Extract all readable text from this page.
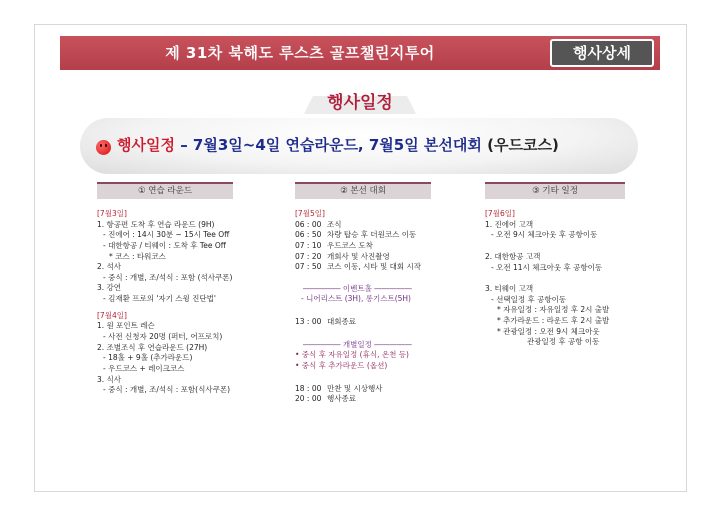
제 31차 북해도 루스츠 골프챌린지투어	행사상세
행사일정
행사일정 – 7월3일~4일 연습라운드, 7월5일 본선대회 (우드코스)
① 연습 라운드
[7월3일]
1. 항공편 도착 후 연습 라운드 (9H)
- 진에어 : 14시 30분 ~ 15시 Tee Off
- 대한항공 / 티웨이 : 도착 후 Tee Off
* 코스 : 타워코스
2. 석사
- 중식 : 개별, 조/석식 : 포함 (석사쿠폰)
3. 강연
- 김재환 프로의 '자기 스윙 진단법'
[7월4일]
1. 원 포인트 레슨
- 사전 신청자 20명 (퍼터, 어프로치)
2. 조별조식 후 연습라운드 (27H)
- 18홀 + 9홀 (추가라운드)
- 우드코스 + 레이크코스
3. 식사
- 중식 : 개별, 조/석식 : 포함(식사쿠폰)
② 본선 대회
[7월5일]
06 : 00 조식
06 : 50 차량 탑승 후 더원코스 이동
07 : 10 우드코스 도착
07 : 20 개회사 및 사진촬영
07 : 50 코스 이동, 시타 및 대회 시작
――――― 이벤트홀 ―――――
- 니어리스트 (3H), 롱기스트(5H)
13 : 00 대회종료
――――― 개별일정 ―――――
• 중식 후 자유일정 (휴식, 온천 등)
• 중식 후 추가라운드 (옵션)
18 : 00 만찬 및 시상행사
20 : 00 행사종료
③ 기타 일정
[7월6일]
1. 진에어 고객
- 오전 9시 체크아웃 후 공항이동
2. 대한항공 고객
- 오전 11시 체크아웃 후 공항이동
3. 티웨이 고객
- 선택일정 후 공항이동
* 자유일정 : 자유일정 후 2시 출발
* 추가라운드 : 라운드 후 2시 출발
* 관광일정 : 오전 9시 체크아웃
관광일정 후 공항 이동
